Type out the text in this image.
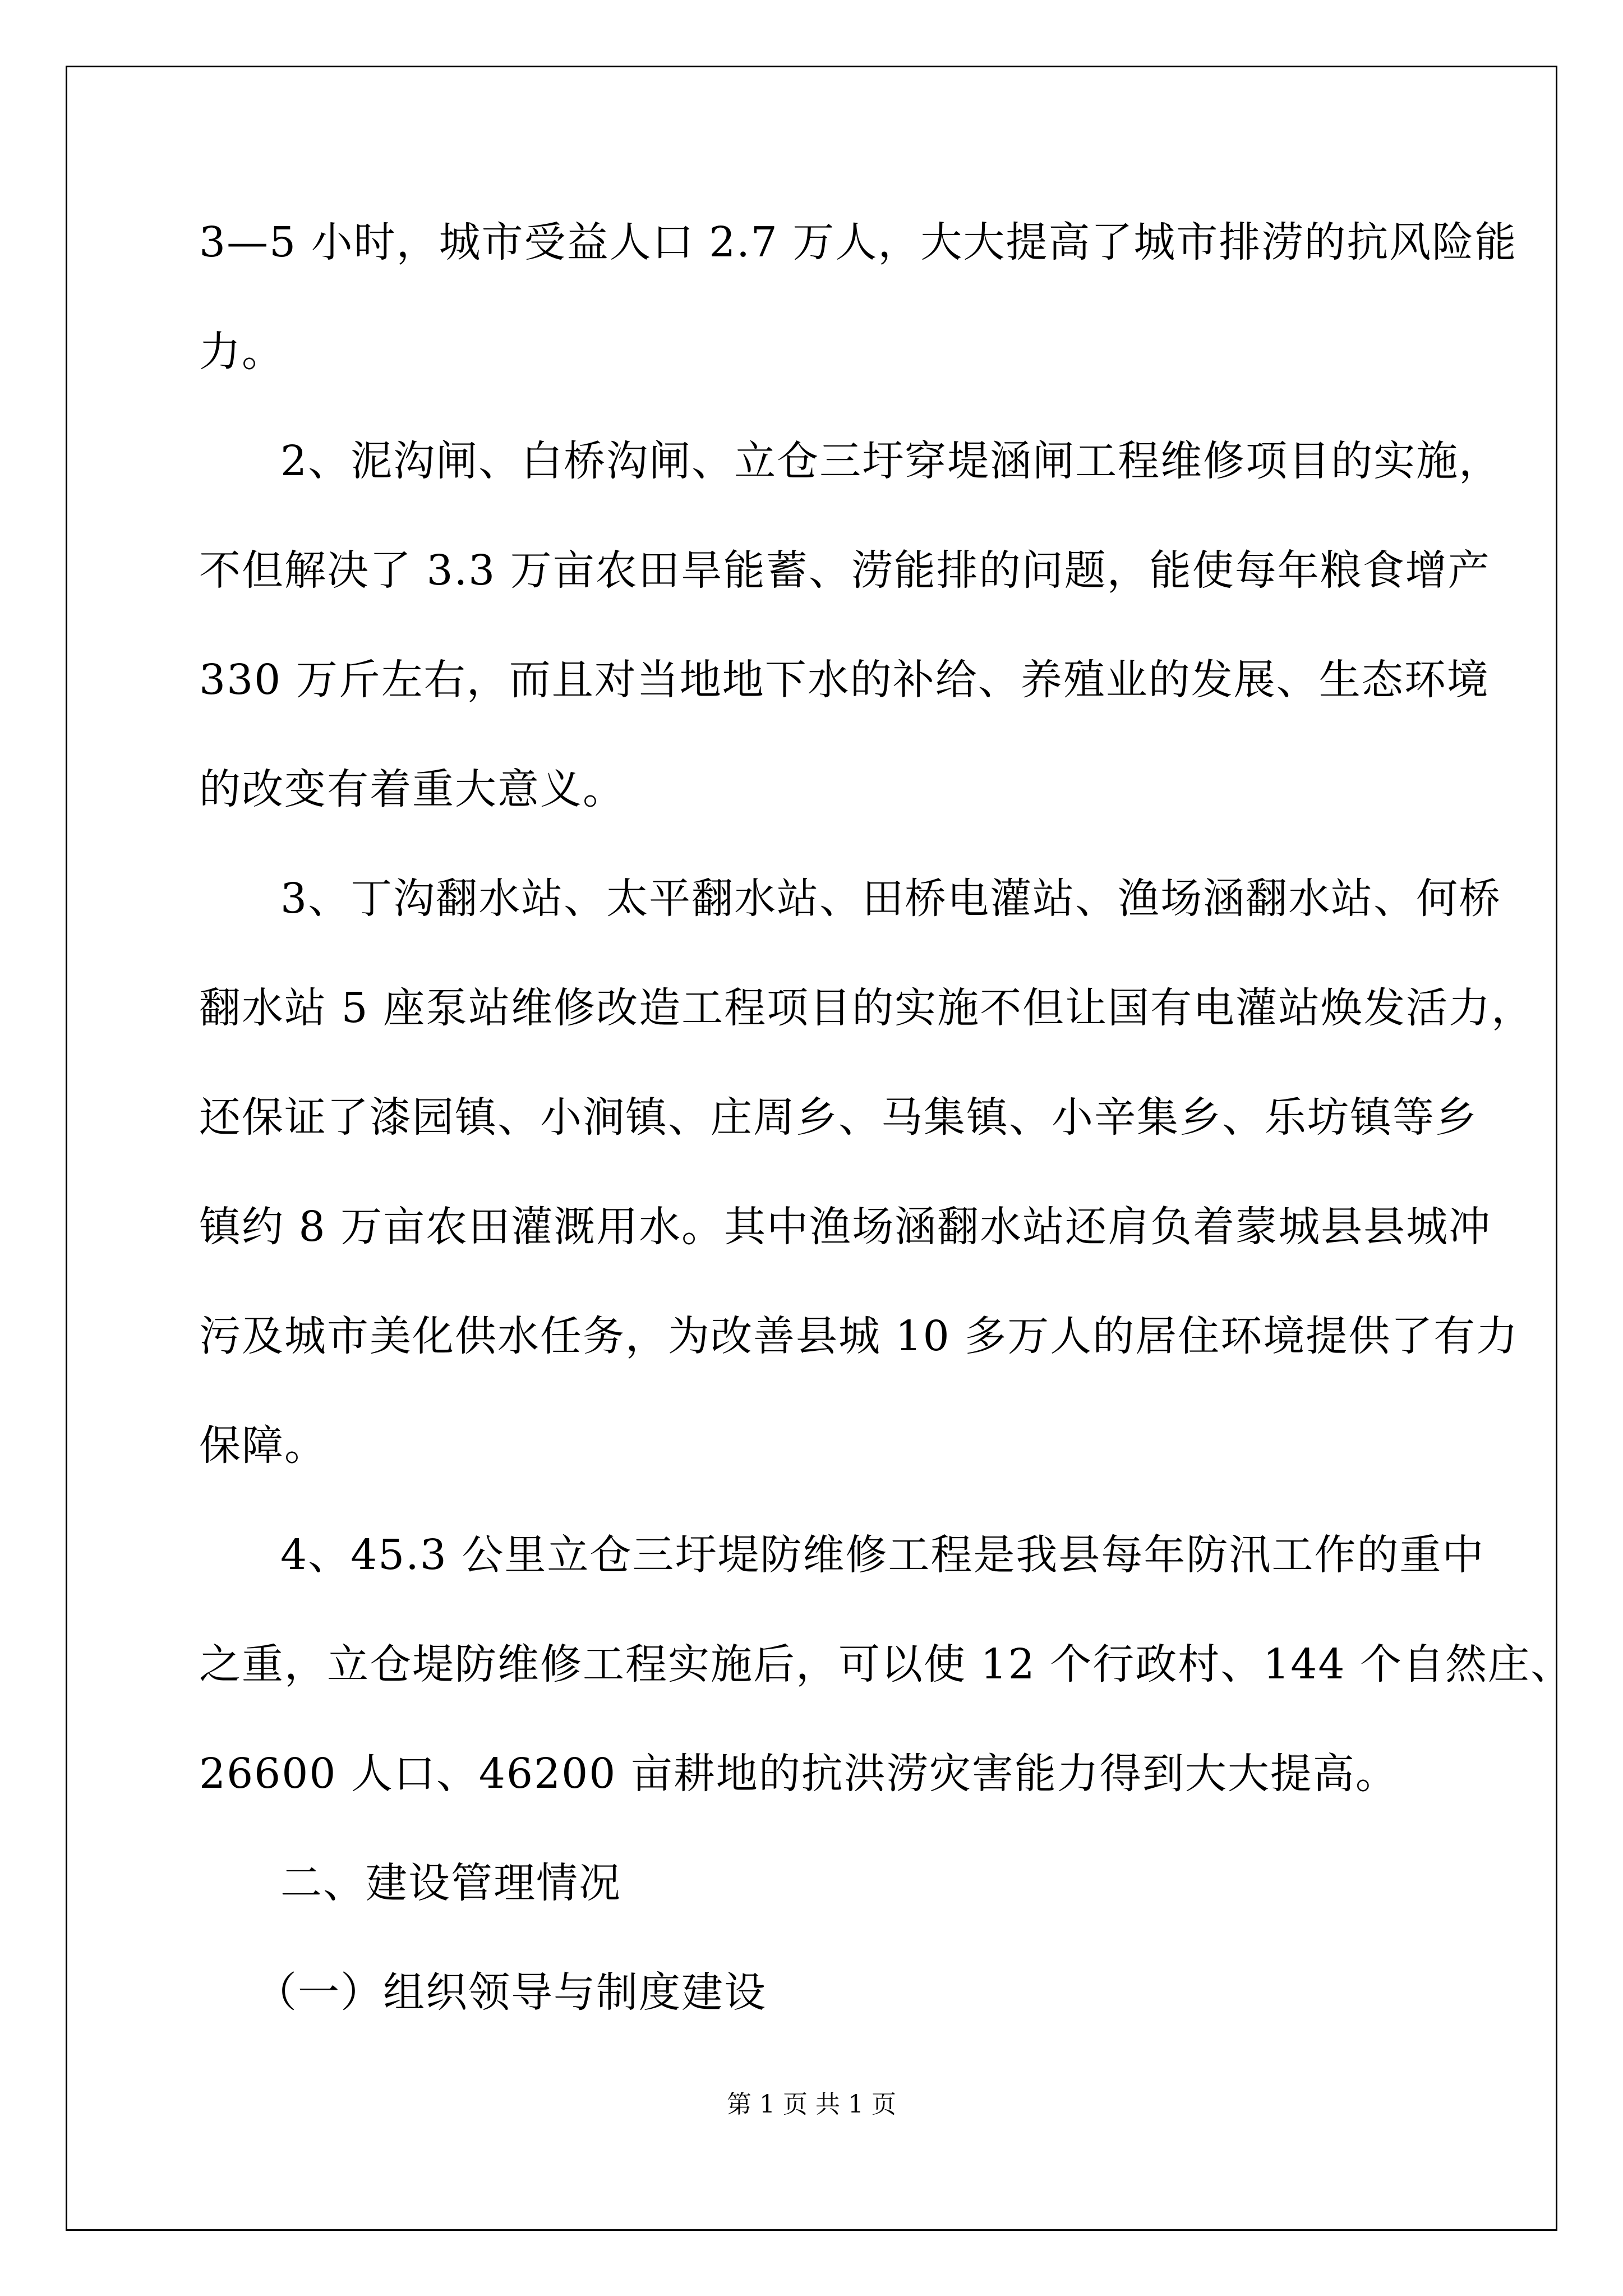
3—5 小时，城市受益人口 2.7 万人，大大提高了城市排涝的抗风险能
力。
2、泥沟闸、白桥沟闸、立仓三圩穿堤涵闸工程维修项目的实施，
不但解决了 3.3 万亩农田旱能蓄、涝能排的问题，能使每年粮食增产
330 万斤左右，而且对当地地下水的补给、养殖业的发展、生态环境
的改变有着重大意义。
3、丁沟翻水站、太平翻水站、田桥电灌站、渔场涵翻水站、何桥
翻水站 5 座泵站维修改造工程项目的实施不但让国有电灌站焕发活力，
还保证了漆园镇、小涧镇、庄周乡、马集镇、小辛集乡、乐坊镇等乡
镇约 8 万亩农田灌溉用水。其中渔场涵翻水站还肩负着蒙城县县城冲
污及城市美化供水任务，为改善县城 10 多万人的居住环境提供了有力
保障。
4、45.3 公里立仓三圩堤防维修工程是我县每年防汛工作的重中
之重，立仓堤防维修工程实施后，可以使 12 个行政村、144 个自然庄、
26600 人口、46200 亩耕地的抗洪涝灾害能力得到大大提高。
二、建设管理情况
（一）组织领导与制度建设
第 1 页 共 1 页
